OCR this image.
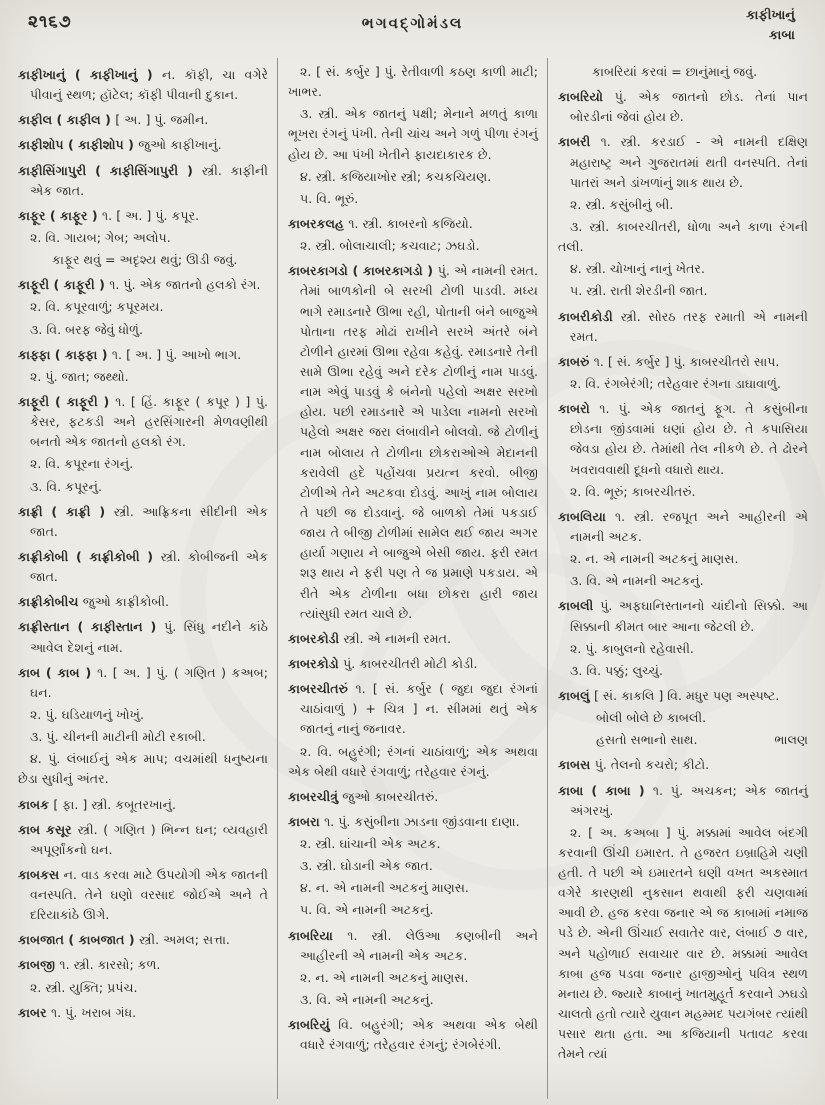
૨૧૬૭	ભગવદ્ગોમંડલ	કાફીખાનું
કાબા
કાફીખાનું ( કાફીખાનું ) ન. કૉફી, ચા વગેરે પીવાનું સ્થળ; હૉટેલ; કૉફી પીવાની દુકાન.
કાફીલ ( કાફીલ ) [ અ. ] પું. જમીન.
કાફીશોપ ( કાફીશોપ ) જુઓ કાફીખાનું.
કાફીસિંગાપુરી ( કાફીસિંગાપુરી ) સ્ત્રી. કાફીની એક જાત.
કાફૂર ( કાફૂર ) ૧. [ અ. ] પું. કપૂર.
૨. વિ. ગાયબ; ગેબ; અલોપ.
કાફૂર થવું = અદૃશ્ય થવું; ઊડી જવું.
કાફૂરી ( કાફૂરી ) ૧. પું. એક જાતનો હલકો રંગ.
૨. વિ. કપૂરવાળું; કપૂરમય.
૩. વિ. બરફ જેવું ધોળું.
કાફ્ફા ( કાફ્ફા ) ૧. [ અ. ] પું. આખો ભાગ.
૨. પું. જાત; જથ્થો.
કાફૂરી ( કાફૂરી ) ૧. [ હિં. કાફૂર ( કપૂર ) ] પું. કેસર, ફટકડી અને હરસિંગારની મેળવણીથી બનતો એક જાતનો હલકો રંગ.
૨. વિ. કપૂરના રંગનું.
૩. વિ. કપૂરનું.
કાફ્રી ( કાફ્રી ) સ્ત્રી. આફ્રિકના સીદીની એક જાત.
કાફ્રીકોબી ( કાફ્રીકોબી ) સ્ત્રી. કોબીજની એક જાત.
કાફ્રીકોબીચ જુઓ કાફ્રીકોબી.
કાફ્રીસ્તાન ( કાફીસ્તાન ) પું. સિંધુ નદીને કાંઠે આવેલ દેશનું નામ.
કાબ ( કાબ ) ૧. [ અ. ] પું. ( ગણિત ) કઅબ; ઘન.
૨. પું. ઘડિયાળનું ખોખું.
૩. પું. ચીનની માટીની મોટી રકાબી.
૪. પું. લંબાઈનું એક માપ; વચમાંથી ધનુષ્યના છેડા સુધીનું અંતર.
કાબક [ ફા. ] સ્ત્રી. કબૂતરખાનું.
કાબ કસૂર સ્ત્રી. ( ગણિત ) ભિન્ન ઘન; વ્યવહારી અપૂર્ણાંકનો ઘન.
કાબકસ ન. વાડ કરવા માટે ઉપયોગી એક જાતની વનસ્પતિ. તેને ઘણો વરસાદ જોઈએ અને તે દરિયાકાંઠે ઊગે.
કાબજાત ( કાબજાત ) સ્ત્રી. અમલ; સત્તા.
કાબજી ૧. સ્ત્રી. કારસો; કળ.
૨. સ્ત્રી. યુક્તિ; પ્રપંચ.
કાબર ૧. પું. ખરાબ ગંધ.
૨. [ સં. કર્બુર ] પું. રેતીવાળી કઠણ કાળી માટી; ખાભર.
૩. સ્ત્રી. એક જાતનું પક્ષી; મેનાને મળતું કાળા ભૂખરા રંગનું પંખી. તેની ચાંચ અને ગળું પીળા રંગનું હોય છે. આ પંખી ખેતીને ફાયદાકારક છે.
૪. સ્ત્રી. કજિયાખોર સ્ત્રી; કચકચિયણ.
૫. વિ. ભૂરું.
કાબરકલહ ૧. સ્ત્રી. કાબરનો કજિયો.
૨. સ્ત્રી. બોલાચાલી; કચવાટ; ઝઘડો.
કાબરકાગડો ( કાબરકાગડો ) પું. એ નામની રમત. તેમાં બાળકોની બે સરખી ટોળી પાડવી. મધ્ય ભાગે રમાડનારે ઊભા રહી, પોતાની બંને બાજુએ પોતાના તરફ મોઢાં રાખીને સરખે અંતરે બંને ટોળીને હારમાં ઊભા રહેવા કહેવું. રમાડનારે તેની સામે ઊભા રહેવું અને દરેક ટોળીનું નામ પાડવું. નામ એવું પાડવું કે બંનેનો પહેલો અક્ષર સરખો હોય. પછી રમાડનારે એ પાડેલા નામનો સરખો પહેલો અક્ષર જરા લંબાવીને બોલવો. જે ટોળીનું નામ બોલાય તે ટોળીના છોકરાઓએ મેદાનની કરાવેલી હદે પહોંચવા પ્રયત્ન કરવો. બીજી ટોળીએ તેને અટકવા દોડવું. આખું નામ બોલાય તે પછી જ દોડવાનું. જે બાળકો તેમાં પકડાઈ જાય તે બીજી ટોળીમાં સામેલ થઈ જાય અગર હાર્યા ગણાય ને બાજુએ બેસી જાય. ફરી રમત શરૂ થાય ને ફરી પણ તે જ પ્રમાણે પકડાય. એ રીતે એક ટોળીના બધા છોકરા હારી જાય ત્યાંસુધી રમત ચાલે છે.
કાબરકોડી સ્ત્રી. એ નામની રમત.
કાબરકોડો પું. કાબરચીતરી મોટી કોડી.
કાબરચીતરું ૧. [ સં. કર્બુર ( જુદા જુદા રંગનાં ચાઠાંવાળું ) + ચિત્ર ] ન. સીમમાં થતું એક જાતનું નાનું જનાવર.
૨. વિ. બહુરંગી; રંગનાં ચાઠાંવાળું; એક અથવા એક બેથી વધારે રંગવાળું; તરેહવાર રંગનું.
કાબરચીત્રું જુઓ કાબરચીતરું.
કાબરા ૧. પું. કસુંબીના ઝાડના જીંડવાના દાણા.
૨. સ્ત્રી. ઘાંચાની એક અટક.
૩. સ્ત્રી. ઘોડાની એક જાત.
૪. ન. એ નામની અટકનું માણસ.
૫. વિ. એ નામની અટકનું.
કાબરિયા ૧. સ્ત્રી. લેઉઆ કણબીની અને આહીરની એ નામની એક અટક.
૨. ન. એ નામની અટકનું માણસ.
૩. વિ. એ નામની અટકનું.
કાબરિયું વિ. બહુરંગી; એક અથવા એક બેથી વધારે રંગવાળું; તરેહવાર રંગનું; રંગબેરંગી.
કાબરિયાં કરવાં = છાનુંમાનું જવું.
કાબરિયો પું. એક જાતનો છોડ. તેનાં પાન બોરડીનાં જેવાં હોય છે.
કાબરી ૧. સ્ત્રી. કરડાઈ - એ નામની દક્ષિણ મહારાષ્ટ્ર અને ગુજરાતમાં થતી વનસ્પતિ. તેનાં પાતરાં અને ડાંખળાંનું શાક થાય છે.
૨. સ્ત્રી. કસુંબીનું બી.
૩. સ્ત્રી. કાબરચીતરી, ધોળા અને કાળા રંગની તલી.
૪. સ્ત્રી. ચોખાનું નાનું ખેતર.
૫. સ્ત્રી. રાતી શેરડીની જાત.
કાબરીકોડી સ્ત્રી. સોરઠ તરફ રમાતી એ નામની રમત.
કાબરું ૧. [ સં. કર્બુર ] પું. કાબરચીતરો સાપ.
૨. વિ. રંગબેરંગી; તરેહવાર રંગના ડાઘાવાળું.
કાબરો ૧. પું. એક જાતનું ફૂગ. તે કસુંબીના છોડના જીંડવામાં ઘણાં હોય છે. તે કપાસિયા જેવડા હોય છે. તેમાંથી તેલ નીકળે છે. તે ઢોરને ખવરાવવાથી દૂધનો વધારો થાય.
૨. વિ. ભૂરું; કાબરચીતરું.
કાબલિયા ૧. સ્ત્રી. રજપૂત અને આહીરની એ નામની અટક.
૨. ન. એ નામની અટકનું માણસ.
૩. વિ. એ નામની અટકનું.
કાબલી પું. અફઘાનિસ્તાનનો ચાંદીનો સિક્કો. આ સિક્કાની કીમત બાર આના જેટલી છે.
૨. પું. કાબુલનો રહેવાસી.
૩. વિ. પક્કું; લુચ્ચું.
કાબલું [ સં. કાકલિ ] વિ. મધુર પણ અસ્પષ્ટ.
બોલી બોલે છે કાબલી.
હસતો સભાનો સાથ.	ભાલણ
કાબસ પું. તેલનો કચરો; કીટો.
કાબા ( કાબા ) ૧. પું. અચકન; એક જાતનું અંગરખું.
૨. [ અ. કઅબા ] પું. મક્કામાં આવેલ બંદગી કરવાની ઊંચી ઇમારત. તે હજરત ઇબ્રાહિમે ચણી હતી. તે પછી એ ઇમારતને ઘણી વખત અકસ્માત વગેરે કારણથી નુકસાન થવાથી ફરી ચણવામાં આવી છે. હજ કરવા જનાર એ જ કાબામાં નમાજ પડે છે. એની ઊંચાઈ સવાતેર વાર, લંબાઈ ૭ વાર, અને પહોળાઈ સવાચાર વાર છે. મક્કામાં આવેલ કાબા હજ પડવા જનાર હાજીઓનું પવિત્ર સ્થળ મનાય છે. જ્યારે કાબાનું ખાતમુહૂર્ત કરવાને ઝઘડો ચાલતો હતો ત્યારે યુવાન મહમ્મદ પયગંબર ત્યાંથી પસાર થતા હતા. આ કજિયાની પતાવટ કરવા તેમને ત્યાં
